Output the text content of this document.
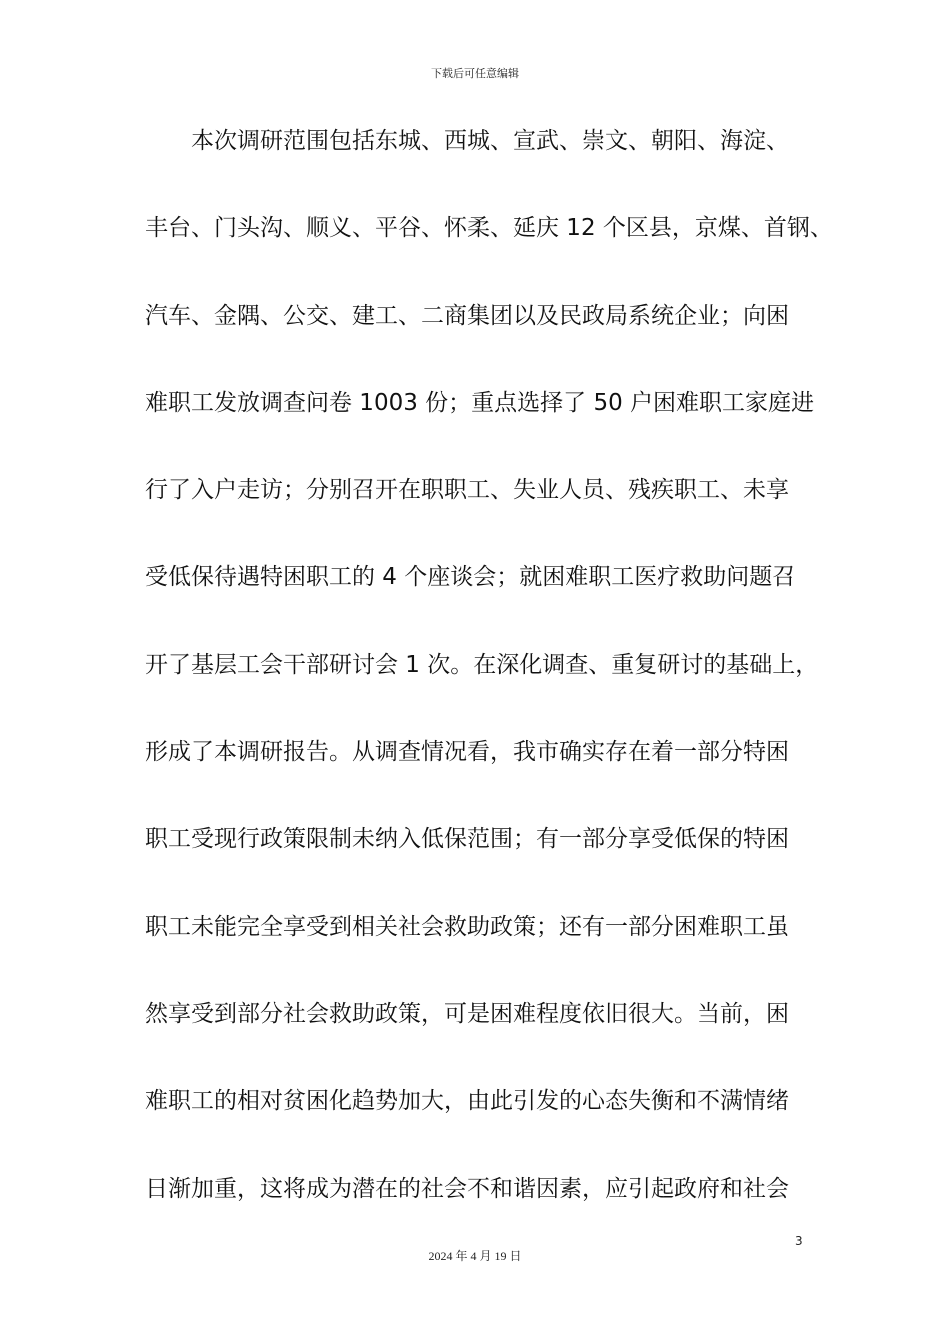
下载后可任意编辑
本次调研范围包括东城、西城、宣武、崇文、朝阳、海淀、
丰台、门头沟、顺义、平谷、怀柔、延庆 12 个区县，京煤、首钢、
汽车、金隅、公交、建工、二商集团以及民政局系统企业；向困
难职工发放调查问卷 1003 份；重点选择了 50 户困难职工家庭进
行了入户走访；分别召开在职职工、失业人员、残疾职工、未享
受低保待遇特困职工的 4 个座谈会；就困难职工医疗救助问题召
开了基层工会干部研讨会 1 次。在深化调查、重复研讨的基础上，
形成了本调研报告。从调查情况看，我市确实存在着一部分特困
职工受现行政策限制未纳入低保范围；有一部分享受低保的特困
职工未能完全享受到相关社会救助政策；还有一部分困难职工虽
然享受到部分社会救助政策，可是困难程度依旧很大。当前，困
难职工的相对贫困化趋势加大，由此引发的心态失衡和不满情绪
日渐加重，这将成为潜在的社会不和谐因素，应引起政府和社会
3
2024 年 4 月 19 日
